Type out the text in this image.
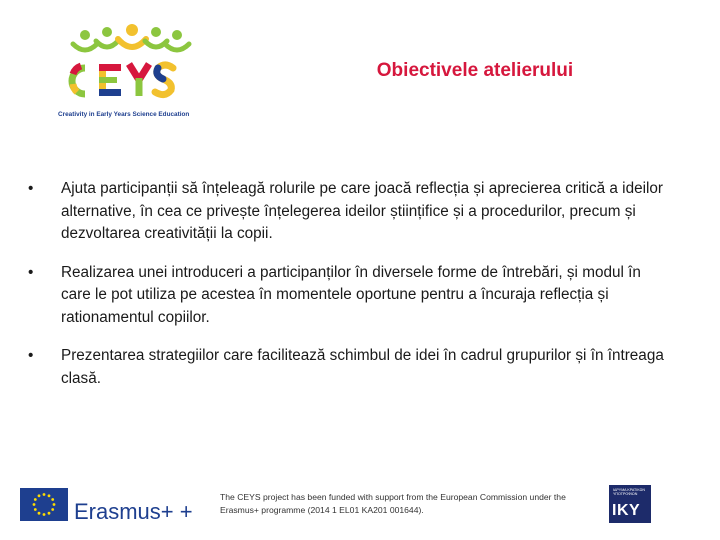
Creativity in Early Years Science Education
Obiectivele atelierului
• Ajuta participanții să înțeleagă rolurile pe care joacă reflecția și aprecierea critică a ideilor alternative, în cea ce privește înțelegerea ideilor științifice și a procedurilor, precum și dezvoltarea creativității la copii.
• Realizarea unei introduceri a participanților în diversele forme de întrebări, și modul în care le pot utiliza pe acestea în momentele oportune pentru a încuraja reflecția și rationamentul copiilor.
• Prezentarea strategiilor care facilitează schimbul de idei în cadrul grupurilor și în întreaga clasă.
Erasmus+ +
The CEYS project has been funded with support from the European Commission under the Erasmus+ programme (2014 1 EL01 KA201 001644).
ΙΔΡΥΜΑ ΚΡΑΤΙΚΩΝ ΥΠΟΤΡΟΦΙΩΝ
IKY
